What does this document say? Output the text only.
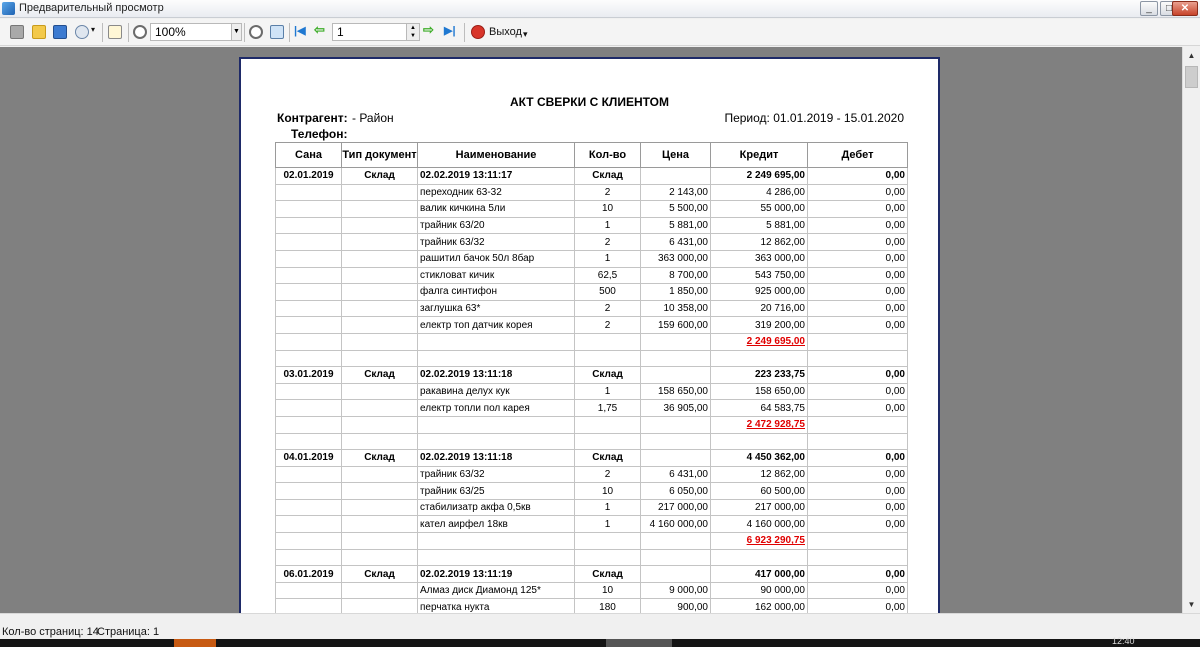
Предварительный просмотр	_	□ ✕
▾	100%	▼	|◀ ⇦	1	▲
▼ ⇨ ▶|	Выход ▾
АКТ СВЕРКИ С КЛИЕНТОМ
Контрагент: - Район	Период: 01.01.2019 - 15.01.2020
Телефон:
Сана	Тип документ	Наименование	Кол-во	Цена	Кредит	Дебет
02.01.2019	Склад	02.02.2019 13:11:17	Склад		2 249 695,00	0,00
		переходник 63-32	2	2 143,00	4 286,00	0,00
		валик кичкина 5ли	10	5 500,00	55 000,00	0,00
		трайник 63/20	1	5 881,00	5 881,00	0,00
		трайник 63/32	2	6 431,00	12 862,00	0,00
		рашитил бачок 50л 8бар	1	363 000,00	363 000,00	0,00
		стикловат кичик	62,5	8 700,00	543 750,00	0,00
		фалга синтифон	500	1 850,00	925 000,00	0,00
		заглушка 63*	2	10 358,00	20 716,00	0,00
		електр топ датчик корея	2	159 600,00	319 200,00	0,00
					2 249 695,00	

03.01.2019	Склад	02.02.2019 13:11:18	Склад		223 233,75	0,00
		ракавина делух кук	1	158 650,00	158 650,00	0,00
		електр топли пол карея	1,75	36 905,00	64 583,75	0,00
					2 472 928,75	

04.01.2019	Склад	02.02.2019 13:11:18	Склад		4 450 362,00	0,00
		трайник 63/32	2	6 431,00	12 862,00	0,00
		трайник 63/25	10	6 050,00	60 500,00	0,00
		стабилизатр акфа 0,5кв	1	217 000,00	217 000,00	0,00
		кател аирфел 18кв	1	4 160 000,00	4 160 000,00	0,00
					6 923 290,75	

06.01.2019	Склад	02.02.2019 13:11:19	Склад		417 000,00	0,00
		Алмаз диск Диамонд 125*	10	9 000,00	90 000,00	0,00
		перчатка нукта	180	900,00	162 000,00	0,00
▲
▼
Кол-во страниц: 14
Страница: 1
12:40
